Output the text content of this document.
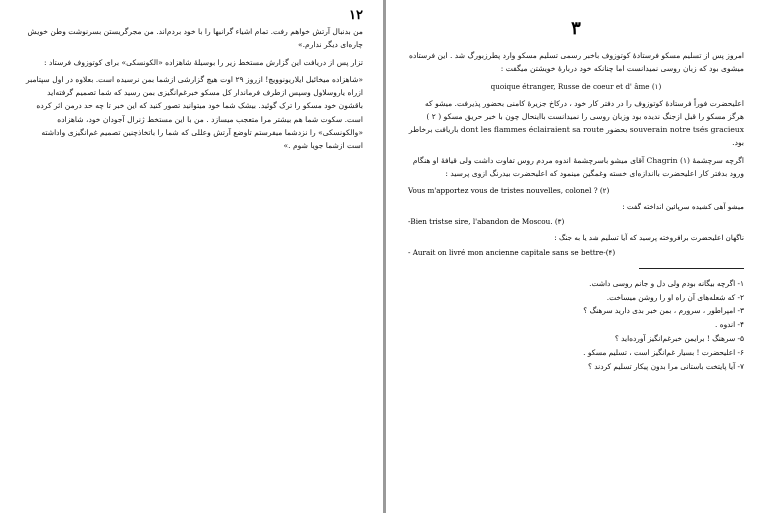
۱۲

من بدنبال آرتش خواهم رفت. تمام اشیاء گرانبها را با خود بردم‌اند. من مجرگریستن بسرنوشت وطن خویش چاره‌ای دیگر ندارم.»

تزار پس از دریافت این گزارش مستخط زیر را بوسیلۀ شاهزاده «الکونسکی» برای کوتوزوف فرستاد :

«شاهزاده میخائیل ایلاریونوویچ! ازروز ۲۹ اوت هیچ گزارشی ازشما بمن نرسیده است. بعلاوه در اول سپتامبر ازراه یاروسلاول وسپس ازطرف فرماندار کل مسکو خبرغم‌انگیزی بمن رسید که شما تصمیم گرفته‌اید باقشون خود مسکو را ترک گوئید. بیشک شما خود میتوانید تصور کنید که این خبر تا چه حد درمن اثر کرده است. سکوت شما هم بیشتر مرا متعجب میسازد . من با این مستخط ژنرال آجودان خود، شاهزاده «والکونسکی» را نزدشما میفرستم تاوضع آرتش وعللی که شما را باتخاذچنین تصمیم غم‌انگیزی واداشته است ازشما جویا شوم .»

۳

امروز پس از تسلیم مسکو فرستادۀ کوتوزوف باخبر رسمی تسلیم مسکو وارد پطرزبورگ شد . این فرستاده میشوی بود که زبان روسی نمیدانست اما چنانکه خود دربارۀ خویشتن میگفت :

quoique étranger, Russe de coeur et d' âme (۱)

اعلیحضرت فوراً فرستادۀ کوتوزوف را در دفتر کار خود ، درکاخ جزیرۀ کامنی بحضور پذیرفت. میشو که هرگز مسکو را قبل ازجنگ ندیده بود وزبان روسی را نمیدانست بااینحال چون با خبر حریق مسکو ( ۲ ) souverain notre tsés gracieux بحضور dont les flammes éclairaient sa route باریافت برخاطر بود.

اگرچه سرچشمۀ Chagrin (۱) آقای میشو باسرچشمۀ اندوه مردم روس تفاوت داشت ولی قیافۀ او هنگام ورود بدفتر کار اعلیحضرت بااندازه‌ای خسته وغمگین مینمود که اعلیحضرت بیدرنگ ازوی پرسید :

Vous m'apportez vous de tristes nouvelles, colonel ? (۲)

میشو آهی کشیده سرپائین انداخته گفت :

-Bien tristse sire, l'abandon de Moscou. (۳)

ناگهان اعلیحضرت برافروخته پرسید که آیا تسلیم شد یا به جنگ :

- Aurait on livré mon ancienne capitale sans se bettre-(۴)

۱- اگرچه بیگانه بودم ولی دل و جانم روسی داشت.
۲- که شعله‌های آن راه او را روشن میساخت.
۳- امپراطور ، سرورم ، بمن خبر بدی دارید سرهنگ ؟
۴- اندوه .
۵- سرهنگ ! برایمن خبرغم‌انگیز آورده‌اید ؟
۶- اعلیحضرت ! بسیار غم‌انگیز است ، تسلیم مسکو .
۷- آیا پایتخت باستانی مرا بدون پیکار تسلیم کردند ؟
